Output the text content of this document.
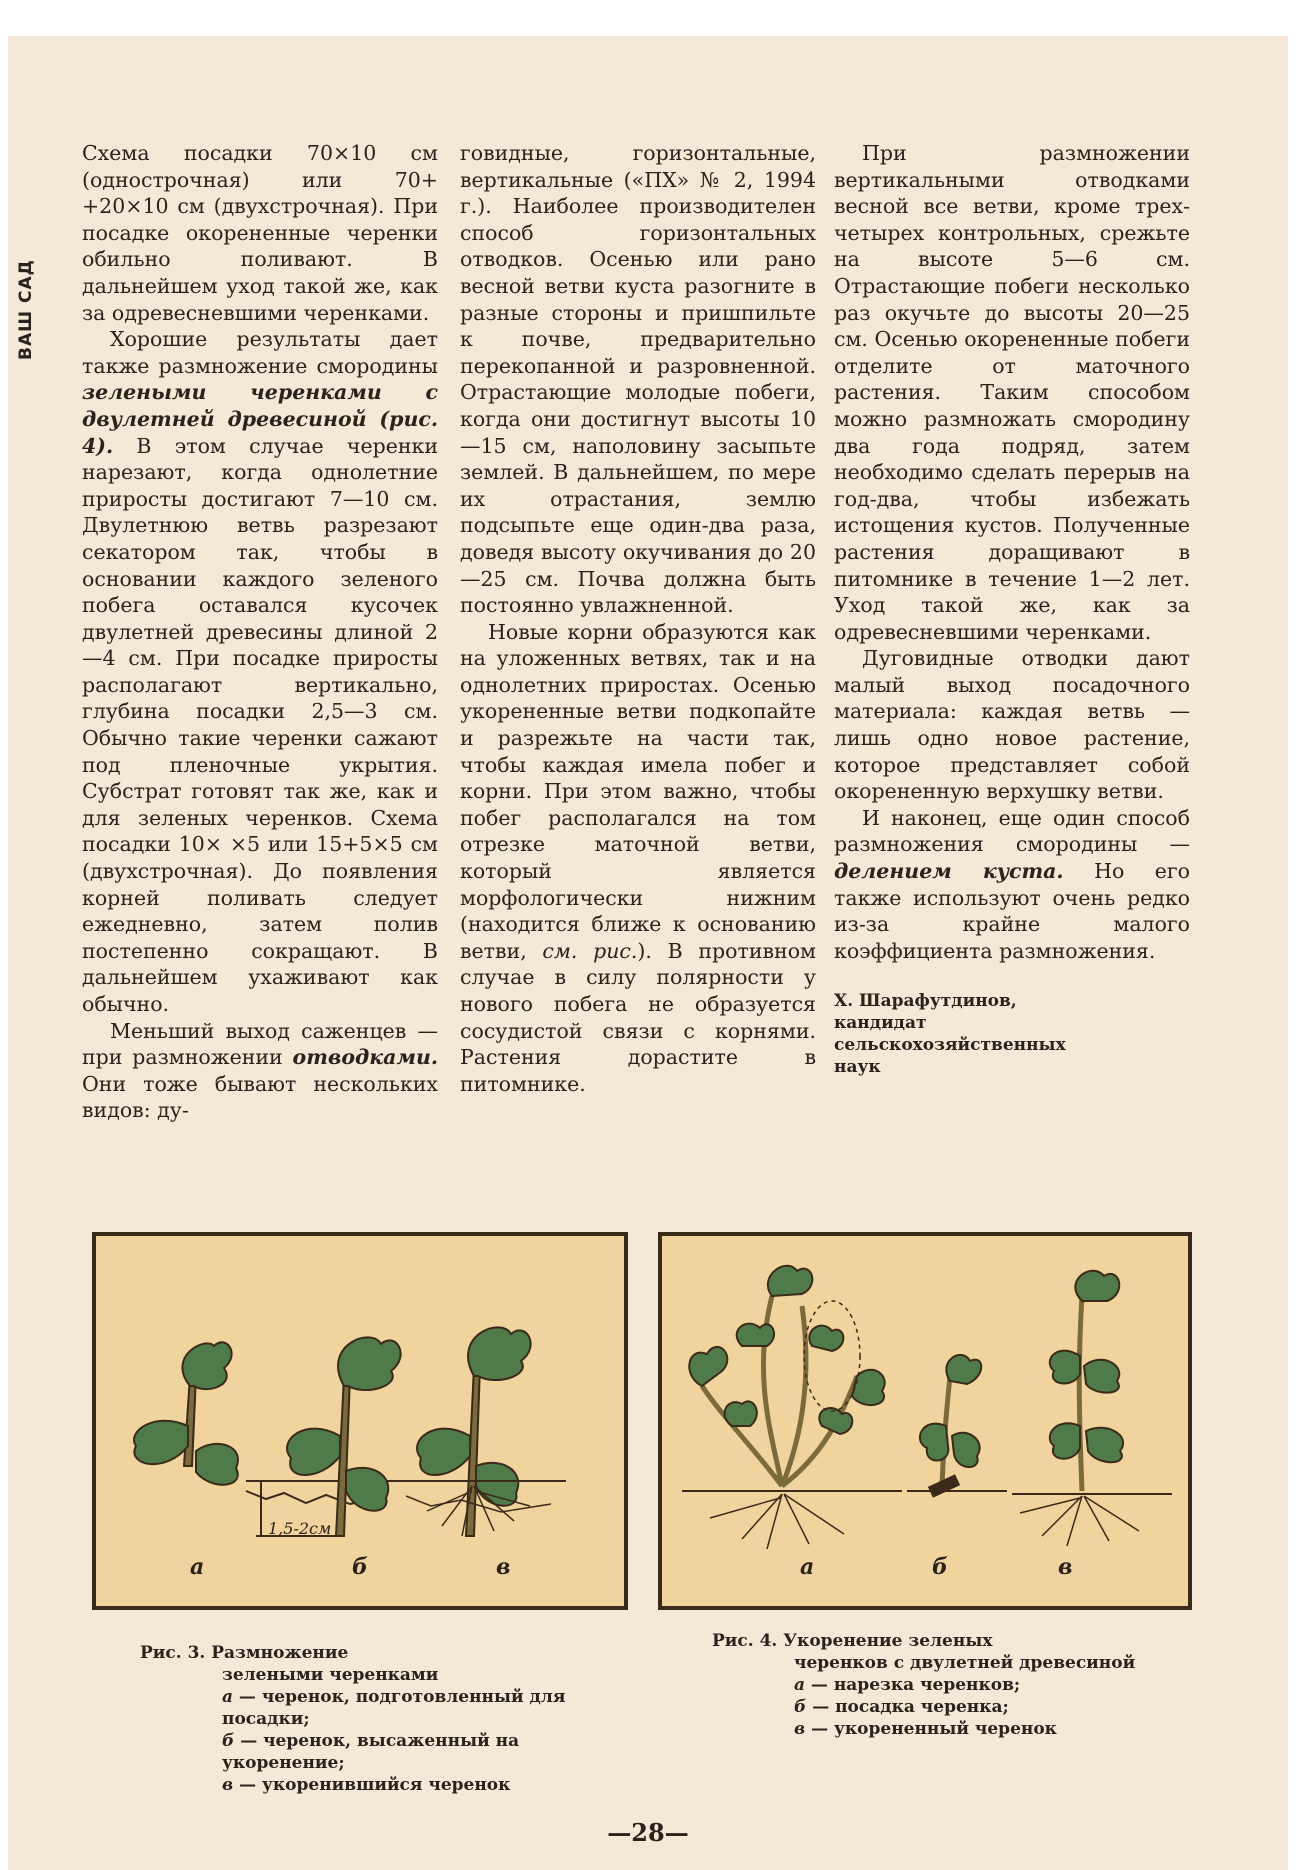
ВАШ САД

Схема посадки 70×10 см (однострочная) или 70+ +20×10 см (двухстрочная). При посадке окорененные черенки обильно поливают. В дальнейшем уход такой же, как за одревесневшими черенками.

Хорошие результаты дает также размножение смородины зелеными черенками с двулетней древесиной (рис. 4). В этом случае черенки нарезают, когда однолетние приросты достигают 7—10 см. Двулетнюю ветвь разрезают секатором так, чтобы в основании каждого зеленого побега оставался кусочек двулетней древесины длиной 2—4 см. При посадке приросты располагают вертикально, глубина посадки 2,5—3 см. Обычно такие черенки сажают под пленочные укрытия. Субстрат готовят так же, как и для зеленых черенков. Схема посадки 10× ×5 или 15+5×5 см (двухстрочная). До появления корней поливать следует ежедневно, затем полив постепенно сокращают. В дальнейшем ухаживают как обычно.

Меньший выход саженцев — при размножении отводками. Они тоже бывают нескольких видов: ду-

говидные, горизонтальные, вертикальные («ПХ» № 2, 1994 г.). Наиболее производителен способ горизонтальных отводков. Осенью или рано весной ветви куста разогните в разные стороны и пришпильте к почве, предварительно перекопанной и разровненной. Отрастающие молодые побеги, когда они достигнут высоты 10—15 см, наполовину засыпьте землей. В дальнейшем, по мере их отрастания, землю подсыпьте еще один-два раза, доведя высоту окучивания до 20—25 см. Почва должна быть постоянно увлажненной.

Новые корни образуются как на уложенных ветвях, так и на однолетних приростах. Осенью укорененные ветви подкопайте и разрежьте на части так, чтобы каждая имела побег и корни. При этом важно, чтобы побег располагался на том отрезке маточной ветви, который является морфологически нижним (находится ближе к основанию ветви, см. рис.). В противном случае в силу полярности у нового побега не образуется сосудистой связи с корнями. Растения дорастите в питомнике.

При размножении вертикальными отводками весной все ветви, кроме трех-четырех контрольных, срежьте на высоте 5—6 см. Отрастающие побеги несколько раз окучьте до высоты 20—25 см. Осенью окорененные побеги отделите от маточного растения. Таким способом можно размножать смородину два года подряд, затем необходимо сделать перерыв на год-два, чтобы избежать истощения кустов. Полученные растения доращивают в питомнике в течение 1—2 лет. Уход такой же, как за одревесневшими черенками.

Дуговидные отводки дают малый выход посадочного материала: каждая ветвь — лишь одно новое растение, которое представляет собой окорененную верхушку ветви.

И наконец, еще один способ размножения смородины — делением куста. Но его также используют очень редко из-за крайне малого коэффициента размножения.

Х. Шарафутдинов,
кандидат сельскохозяйственных наук
1,5-2см
а	б	в	а	б	в
Рис. 3. Размножение
зелеными черенками
а — черенок, подготовленный для посадки;
б — черенок, высаженный на укоренение;
в — укоренившийся черенок
Рис. 4. Укоренение зеленых
черенков с двулетней древесиной
а — нарезка черенков;
б — посадка черенка;
в — укорененный черенок
—28—
